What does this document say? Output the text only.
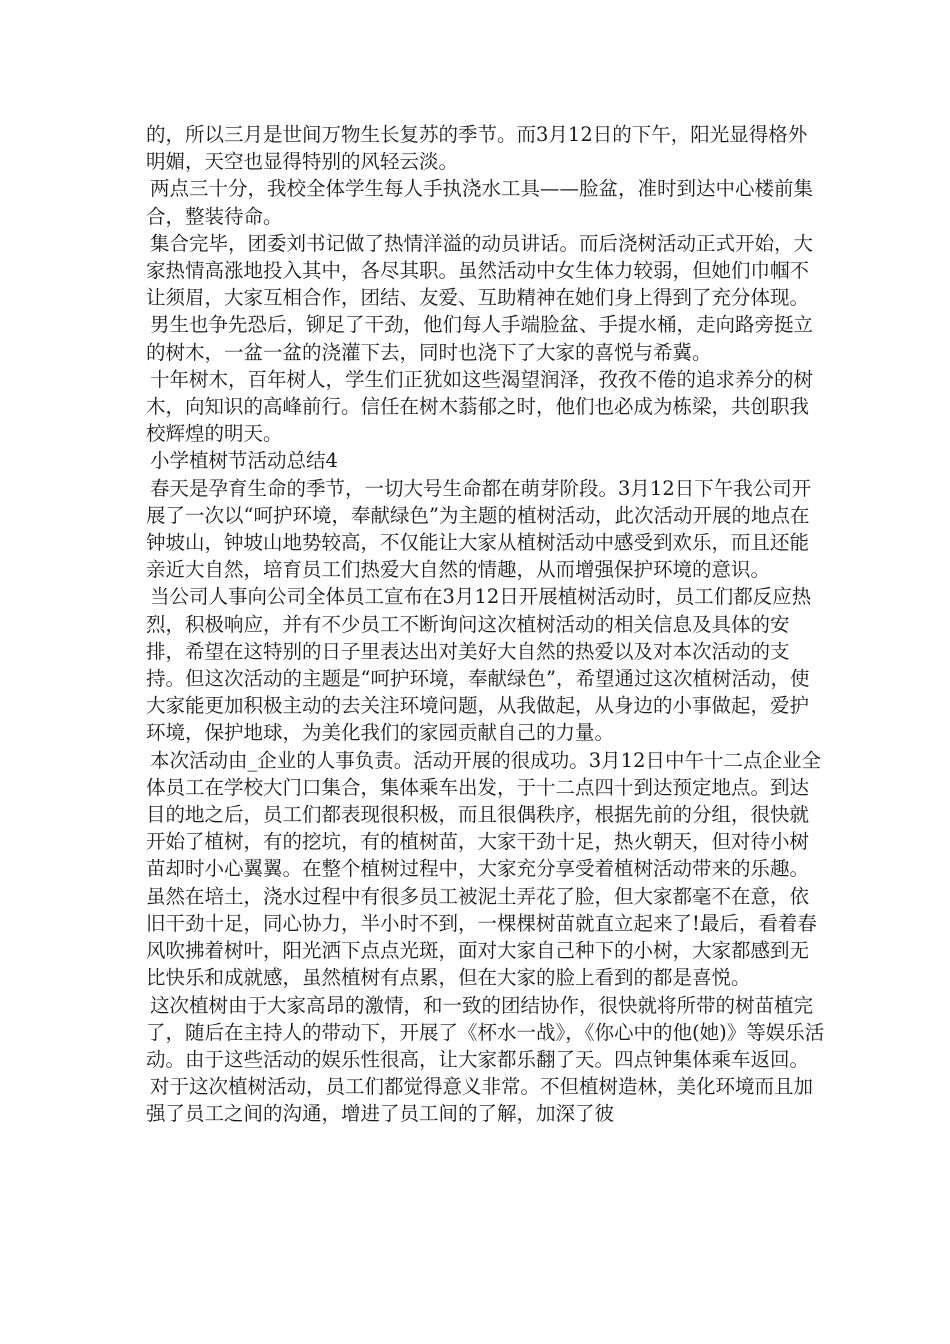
的，所以三月是世间万物生长复苏的季节。而3月12日的下午，阳光显得格外明媚，天空也显得特别的风轻云淡。

两点三十分，我校全体学生每人手执浇水工具——脸盆，准时到达中心楼前集合，整装待命。

集合完毕，团委刘书记做了热情洋溢的动员讲话。而后浇树活动正式开始，大家热情高涨地投入其中，各尽其职。虽然活动中女生体力较弱，但她们巾帼不让须眉，大家互相合作，团结、友爱、互助精神在她们身上得到了充分体现。

男生也争先恐后，铆足了干劲，他们每人手端脸盆、手提水桶，走向路旁挺立的树木，一盆一盆的浇灌下去，同时也浇下了大家的喜悦与希冀。

十年树木，百年树人，学生们正犹如这些渴望润泽，孜孜不倦的追求养分的树木，向知识的高峰前行。信任在树木蓊郁之时，他们也必成为栋梁，共创职我校辉煌的明天。

小学植树节活动总结4

春天是孕育生命的季节，一切大号生命都在萌芽阶段。3月12日下午我公司开展了一次以“呵护环境，奉献绿色”为主题的植树活动，此次活动开展的地点在钟坡山，钟坡山地势较高，不仅能让大家从植树活动中感受到欢乐，而且还能亲近大自然，培育员工们热爱大自然的情趣，从而增强保护环境的意识。

当公司人事向公司全体员工宣布在3月12日开展植树活动时，员工们都反应热烈，积极响应，并有不少员工不断询问这次植树活动的相关信息及具体的安排，希望在这特别的日子里表达出对美好大自然的热爱以及对本次活动的支持。但这次活动的主题是“呵护环境，奉献绿色”，希望通过这次植树活动，使大家能更加积极主动的去关注环境问题，从我做起，从身边的小事做起，爱护环境，保护地球，为美化我们的家园贡献自己的力量。

本次活动由_企业的人事负责。活动开展的很成功。3月12日中午十二点企业全体员工在学校大门口集合，集体乘车出发，于十二点四十到达预定地点。到达目的地之后，员工们都表现很积极，而且很偶秩序，根据先前的分组，很快就开始了植树，有的挖坑，有的植树苗，大家干劲十足，热火朝天，但对待小树苗却时小心翼翼。在整个植树过程中，大家充分享受着植树活动带来的乐趣。虽然在培土，浇水过程中有很多员工被泥土弄花了脸，但大家都毫不在意，依旧干劲十足，同心协力，半小时不到，一棵棵树苗就直立起来了!最后，看着春风吹拂着树叶，阳光洒下点点光斑，面对大家自己种下的小树，大家都感到无比快乐和成就感，虽然植树有点累，但在大家的脸上看到的都是喜悦。

这次植树由于大家高昂的激情，和一致的团结协作，很快就将所带的树苗植完了，随后在主持人的带动下，开展了《杯水一战》，《你心中的他(她)》等娱乐活动。由于这些活动的娱乐性很高，让大家都乐翻了天。四点钟集体乘车返回。

对于这次植树活动，员工们都觉得意义非常。不但植树造林，美化环境而且加强了员工之间的沟通，增进了员工间的了解，加深了彼
